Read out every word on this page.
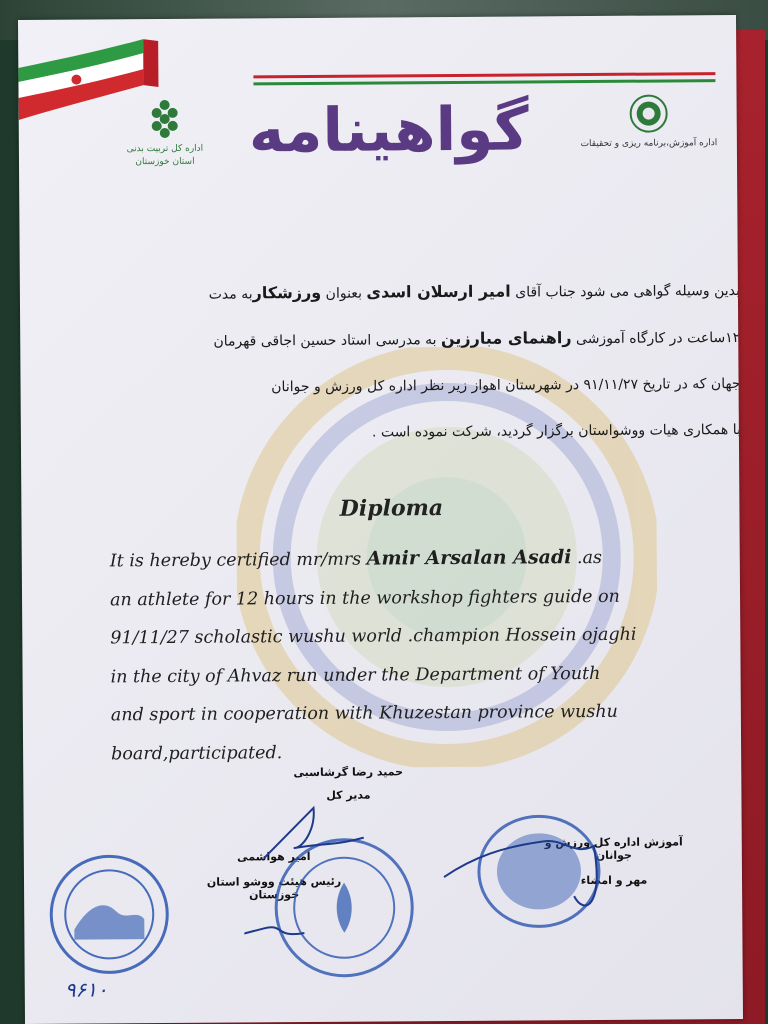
اداره کل تربیت بدنی
استان خوزستان
اداره آموزش،برنامه ریزی و تحقیقات
گواهینامه
بدین وسیله گواهی می شود جناب آقای امیر ارسلان اسدی بعنوان ورزشکاربه مدت
۱۲ساعت در کارگاه آموزشی راهنمای مبارزین به مدرسی استاد حسین اجاقی قهرمان
جهان که در تاریخ ۹۱/۱۱/۲۷ در شهرستان اهواز زیر نظر اداره کل ورزش و جوانان
با همکاری هیات ووشواستان برگزار گردید، شرکت نموده است .
Diploma
It is hereby certified mr/mrs Amir Arsalan Asadi .as
an athlete for 12 hours in the workshop fighters guide on
91/11/27 scholastic wushu world .champion Hossein ojaghi
in the city of Ahvaz run under the Department of Youth
and sport in cooperation with Khuzestan province wushu
board,participated.
حمید رضا گرشاسبی
مدیر کل
امیر هواشمی
رئیس هیئت ووشو استان خوزستان
آموزش اداره کل ورزش و جوانان
مهر و امضاء
۹۶۱۰
